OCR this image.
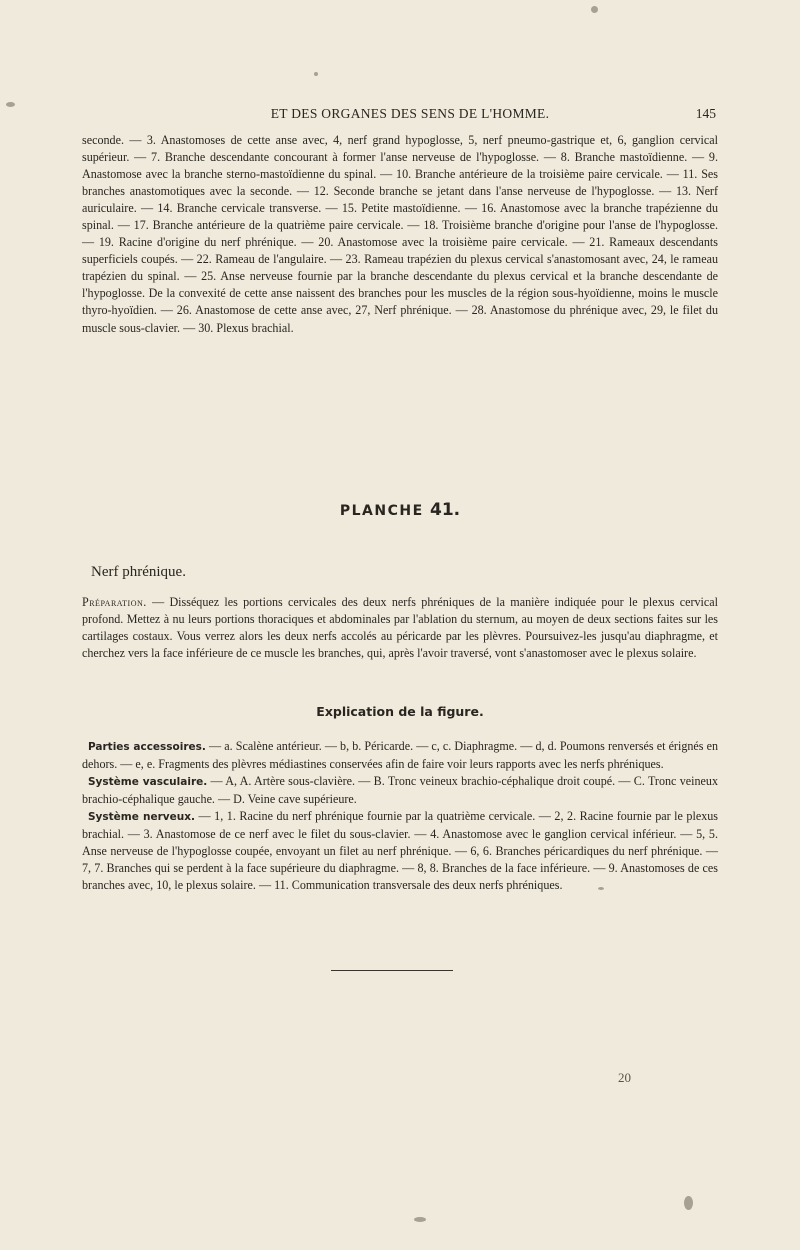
ET DES ORGANES DES SENS DE L'HOMME.	145

seconde. — 3. Anastomoses de cette anse avec, 4, nerf grand hypoglosse, 5, nerf pneumo-gastrique et, 6, ganglion cervical supérieur. — 7. Branche descendante concourant à former l'anse nerveuse de l'hypoglosse. — 8. Branche mastoïdienne. — 9. Anastomose avec la branche sterno-mastoïdienne du spinal. — 10. Branche antérieure de la troisième paire cervicale. — 11. Ses branches anastomotiques avec la seconde. — 12. Seconde branche se jetant dans l'anse nerveuse de l'hypoglosse. — 13. Nerf auriculaire. — 14. Branche cervicale transverse. — 15. Petite mastoïdienne. — 16. Anastomose avec la branche trapézienne du spinal. — 17. Branche antérieure de la quatrième paire cervicale. — 18. Troisième branche d'origine pour l'anse de l'hypoglosse. — 19. Racine d'origine du nerf phrénique. — 20. Anastomose avec la troisième paire cervicale. — 21. Rameaux descendants superficiels coupés. — 22. Rameau de l'angulaire. — 23. Rameau trapézien du plexus cervical s'anastomosant avec, 24, le rameau trapézien du spinal. — 25. Anse nerveuse fournie par la branche descendante du plexus cervical et la branche descendante de l'hypoglosse. De la convexité de cette anse naissent des branches pour les muscles de la région sous-hyoïdienne, moins le muscle thyro-hyoïdien. — 26. Anastomose de cette anse avec, 27, Nerf phrénique. — 28. Anastomose du phrénique avec, 29, le filet du muscle sous-clavier. — 30. Plexus brachial.

PLANCHE 41.
Nerf phrénique.

Préparation. — Disséquez les portions cervicales des deux nerfs phréniques de la manière indiquée pour le plexus cervical profond. Mettez à nu leurs portions thoraciques et abdominales par l'ablation du sternum, au moyen de deux sections faites sur les cartilages costaux. Vous verrez alors les deux nerfs accolés au péricarde par les plèvres. Poursuivez-les jusqu'au diaphragme, et cherchez vers la face inférieure de ce muscle les branches, qui, après l'avoir traversé, vont s'anastomoser avec le plexus solaire.

Explication de la figure.

Parties accessoires. — a. Scalène antérieur. — b, b. Péricarde. — c, c. Diaphragme. — d, d. Poumons renversés et érignés en dehors. — e, e. Fragments des plèvres médiastines conservées afin de faire voir leurs rapports avec les nerfs phréniques.

Système vasculaire. — A, A. Artère sous-clavière. — B. Tronc veineux brachio-céphalique droit coupé. — C. Tronc veineux brachio-céphalique gauche. — D. Veine cave supérieure.

Système nerveux. — 1, 1. Racine du nerf phrénique fournie par la quatrième cervicale. — 2, 2. Racine fournie par le plexus brachial. — 3. Anastomose de ce nerf avec le filet du sous-clavier. — 4. Anastomose avec le ganglion cervical inférieur. — 5, 5. Anse nerveuse de l'hypoglosse coupée, envoyant un filet au nerf phrénique. — 6, 6. Branches péricardiques du nerf phrénique. — 7, 7. Branches qui se perdent à la face supérieure du diaphragme. — 8, 8. Branches de la face inférieure. — 9. Anastomoses de ces branches avec, 10, le plexus solaire. — 11. Communication transversale des deux nerfs phréniques.

20
